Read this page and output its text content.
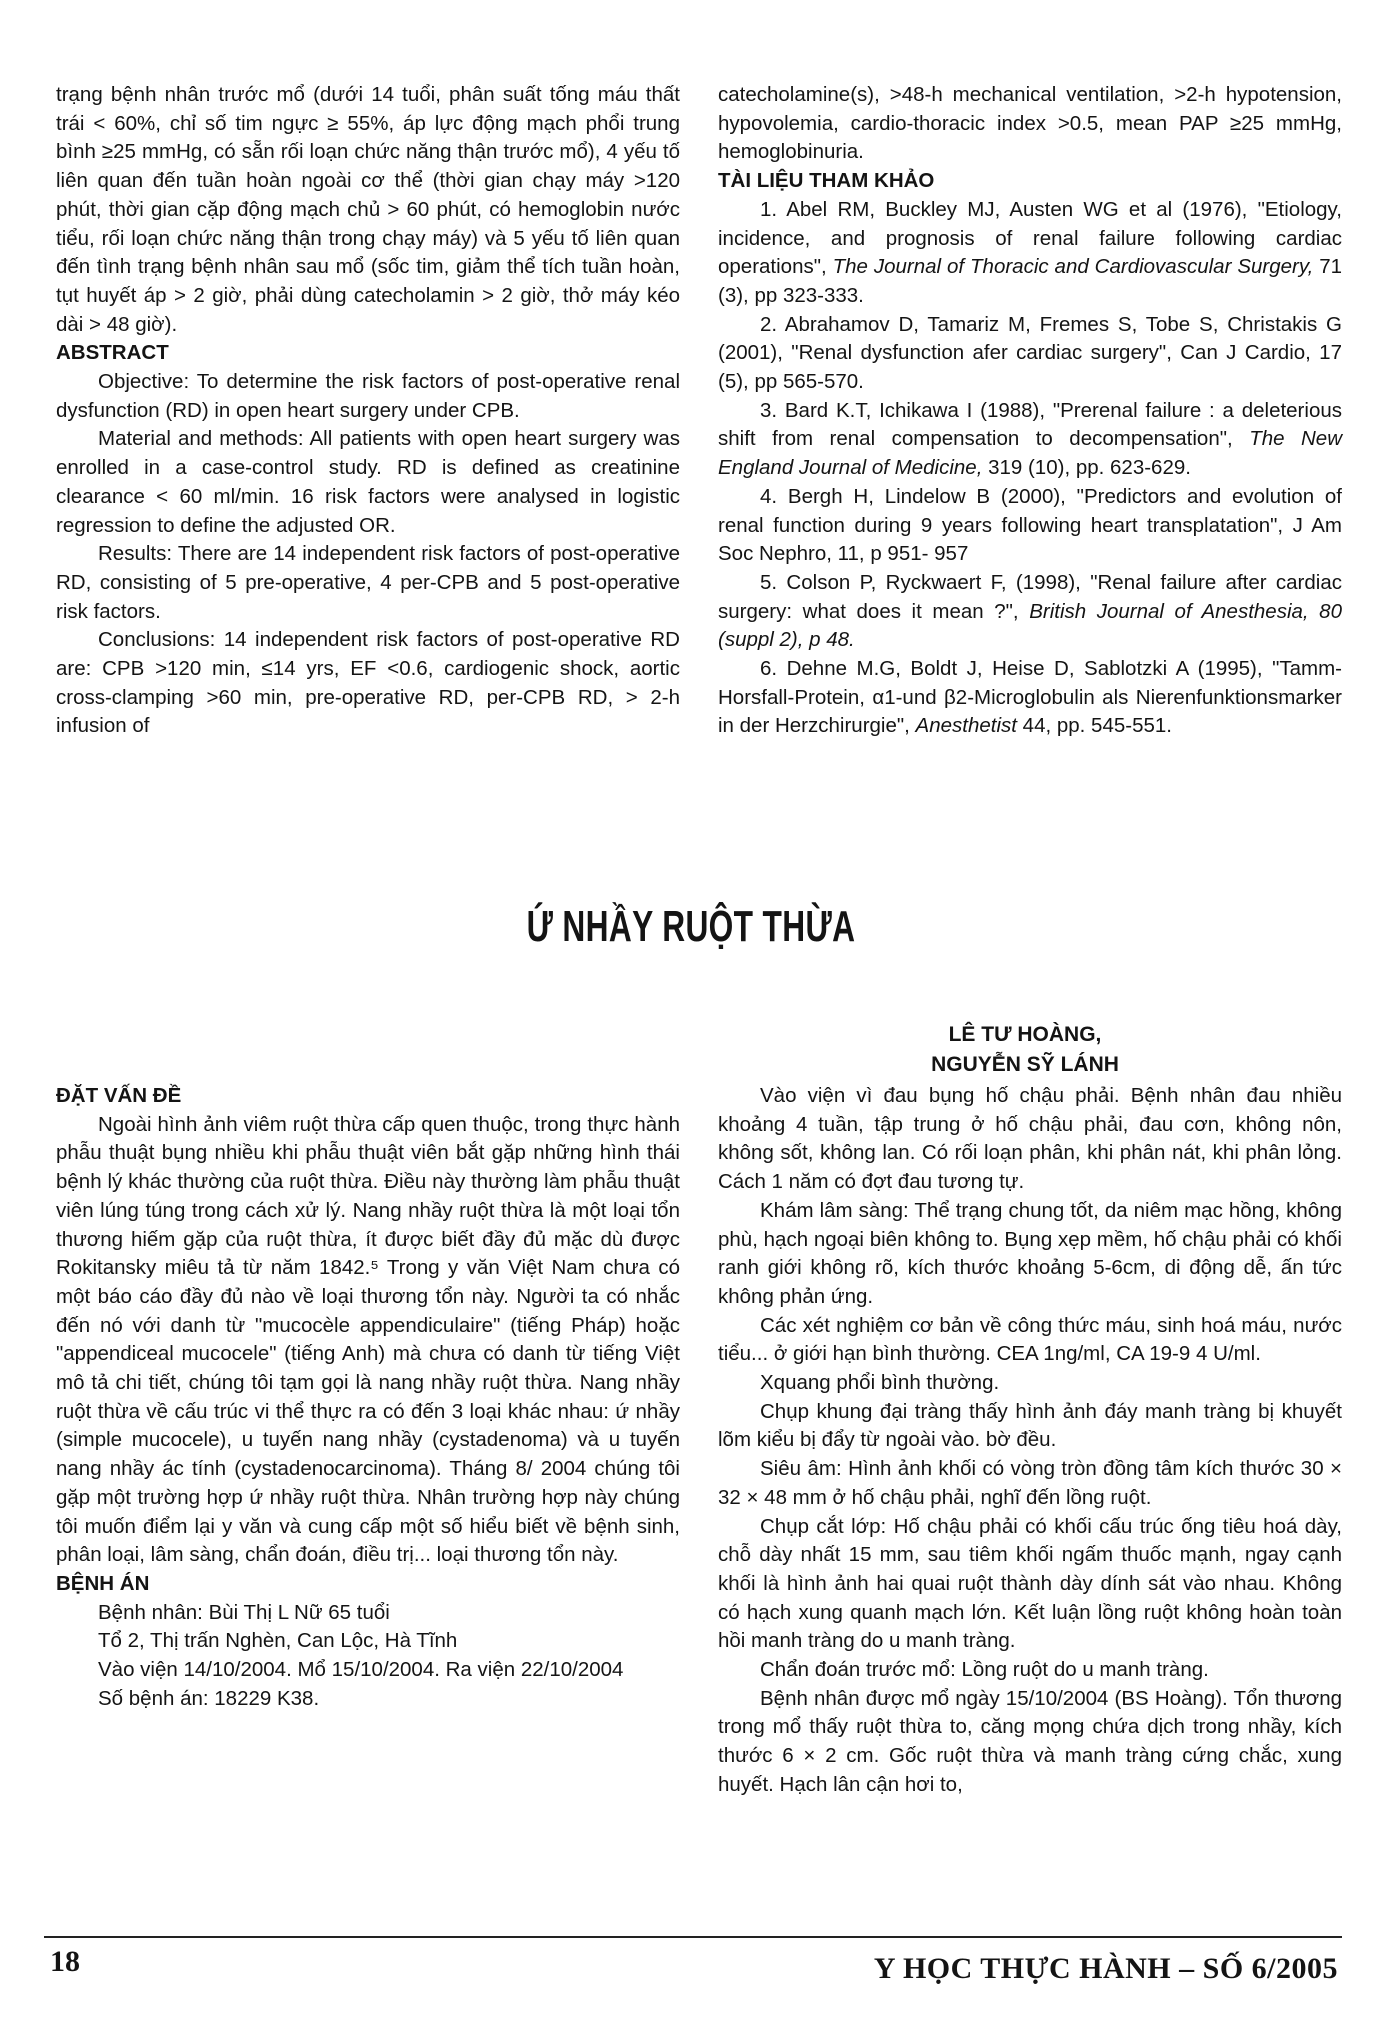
trạng bệnh nhân trước mổ (dưới 14 tuổi, phân suất tống máu thất trái < 60%, chỉ số tim ngực ≥ 55%, áp lực động mạch phổi trung bình ≥25 mmHg, có sẵn rối loạn chức năng thận trước mổ), 4 yếu tố liên quan đến tuần hoàn ngoài cơ thể (thời gian chạy máy >120 phút, thời gian cặp động mạch chủ > 60 phút, có hemoglobin nước tiểu, rối loạn chức năng thận trong chạy máy) và 5 yếu tố liên quan đến tình trạng bệnh nhân sau mổ (sốc tim, giảm thể tích tuần hoàn, tụt huyết áp > 2 giờ, phải dùng catecholamin > 2 giờ, thở máy kéo dài > 48 giờ).

ABSTRACT

Objective: To determine the risk factors of post-operative renal dysfunction (RD) in open heart surgery under CPB.

Material and methods: All patients with open heart surgery was enrolled in a case-control study. RD is defined as creatinine clearance < 60 ml/min. 16 risk factors were analysed in logistic regression to define the adjusted OR.

Results: There are 14 independent risk factors of post-operative RD, consisting of 5 pre-operative, 4 per-CPB and 5 post-operative risk factors.

Conclusions: 14 independent risk factors of post-operative RD are: CPB >120 min, ≤14 yrs, EF <0.6, cardiogenic shock, aortic cross-clamping >60 min, pre-operative RD, per-CPB RD, > 2-h infusion of

catecholamine(s), >48-h mechanical ventilation, >2-h hypotension, hypovolemia, cardio-thoracic index >0.5, mean PAP ≥25 mmHg, hemoglobinuria.

TÀI LIỆU THAM KHẢO

1. Abel RM, Buckley MJ, Austen WG et al (1976), "Etiology, incidence, and prognosis of renal failure following cardiac operations", The Journal of Thoracic and Cardiovascular Surgery, 71 (3), pp 323-333.

2. Abrahamov D, Tamariz M, Fremes S, Tobe S, Christakis G (2001), "Renal dysfunction afer cardiac surgery", Can J Cardio, 17 (5), pp 565-570.

3. Bard K.T, Ichikawa I (1988), "Prerenal failure : a deleterious shift from renal compensation to decompensation", The New England Journal of Medicine, 319 (10), pp. 623-629.

4. Bergh H, Lindelow B (2000), "Predictors and evolution of renal function during 9 years following heart transplatation", J Am Soc Nephro, 11, p 951- 957

5. Colson P, Ryckwaert F, (1998), "Renal failure after cardiac surgery: what does it mean ?", British Journal of Anesthesia, 80 (suppl 2), p 48.

6. Dehne M.G, Boldt J, Heise D, Sablotzki A (1995), "Tamm-Horsfall-Protein, α1-und β2-Microglobulin als Nierenfunktionsmarker in der Herzchirurgie", Anesthetist 44, pp. 545-551.

Ứ NHẦY RUỘT THỪA
LÊ TƯ HOÀNG,
NGUYỄN SỸ LÁNH

ĐẶT VẤN ĐỀ

Ngoài hình ảnh viêm ruột thừa cấp quen thuộc, trong thực hành phẫu thuật bụng nhiều khi phẫu thuật viên bắt gặp những hình thái bệnh lý khác thường của ruột thừa. Điều này thường làm phẫu thuật viên lúng túng trong cách xử lý. Nang nhầy ruột thừa là một loại tổn thương hiếm gặp của ruột thừa, ít được biết đầy đủ mặc dù được Rokitansky miêu tả từ năm 1842.⁵ Trong y văn Việt Nam chưa có một báo cáo đầy đủ nào về loại thương tổn này. Người ta có nhắc đến nó với danh từ "mucocèle appendiculaire" (tiếng Pháp) hoặc "appendiceal mucocele" (tiếng Anh) mà chưa có danh từ tiếng Việt mô tả chi tiết, chúng tôi tạm gọi là nang nhầy ruột thừa. Nang nhầy ruột thừa về cấu trúc vi thể thực ra có đến 3 loại khác nhau: ứ nhầy (simple mucocele), u tuyến nang nhầy (cystadenoma) và u tuyến nang nhầy ác tính (cystadenocarcinoma). Tháng 8/ 2004 chúng tôi gặp một trường hợp ứ nhầy ruột thừa. Nhân trường hợp này chúng tôi muốn điểm lại y văn và cung cấp một số hiểu biết về bệnh sinh, phân loại, lâm sàng, chẩn đoán, điều trị... loại thương tổn này.

BỆNH ÁN

Bệnh nhân: Bùi Thị L Nữ 65 tuổi

Tổ 2, Thị trấn Nghèn, Can Lộc, Hà Tĩnh

Vào viện 14/10/2004. Mổ 15/10/2004. Ra viện 22/10/2004

Số bệnh án: 18229 K38.

Vào viện vì đau bụng hố chậu phải. Bệnh nhân đau nhiều khoảng 4 tuần, tập trung ở hố chậu phải, đau cơn, không nôn, không sốt, không lan. Có rối loạn phân, khi phân nát, khi phân lỏng. Cách 1 năm có đợt đau tương tự.

Khám lâm sàng: Thể trạng chung tốt, da niêm mạc hồng, không phù, hạch ngoại biên không to. Bụng xẹp mềm, hố chậu phải có khối ranh giới không rõ, kích thước khoảng 5-6cm, di động dễ, ấn tức không phản ứng.

Các xét nghiệm cơ bản về công thức máu, sinh hoá máu, nước tiểu... ở giới hạn bình thường. CEA 1ng/ml, CA 19-9 4 U/ml.

Xquang phổi bình thường.

Chụp khung đại tràng thấy hình ảnh đáy manh tràng bị khuyết lõm kiểu bị đẩy từ ngoài vào. bờ đều.

Siêu âm: Hình ảnh khối có vòng tròn đồng tâm kích thước 30 × 32 × 48 mm ở hố chậu phải, nghĩ đến lồng ruột.

Chụp cắt lớp: Hố chậu phải có khối cấu trúc ống tiêu hoá dày, chỗ dày nhất 15 mm, sau tiêm khối ngấm thuốc mạnh, ngay cạnh khối là hình ảnh hai quai ruột thành dày dính sát vào nhau. Không có hạch xung quanh mạch lớn. Kết luận lồng ruột không hoàn toàn hồi manh tràng do u manh tràng.

Chẩn đoán trước mổ: Lồng ruột do u manh tràng.

Bệnh nhân được mổ ngày 15/10/2004 (BS Hoàng). Tổn thương trong mổ thấy ruột thừa to, căng mọng chứa dịch trong nhầy, kích thước 6 × 2 cm. Gốc ruột thừa và manh tràng cứng chắc, xung huyết. Hạch lân cận hơi to,

18	Y HỌC THỰC HÀNH – SỐ 6/2005
